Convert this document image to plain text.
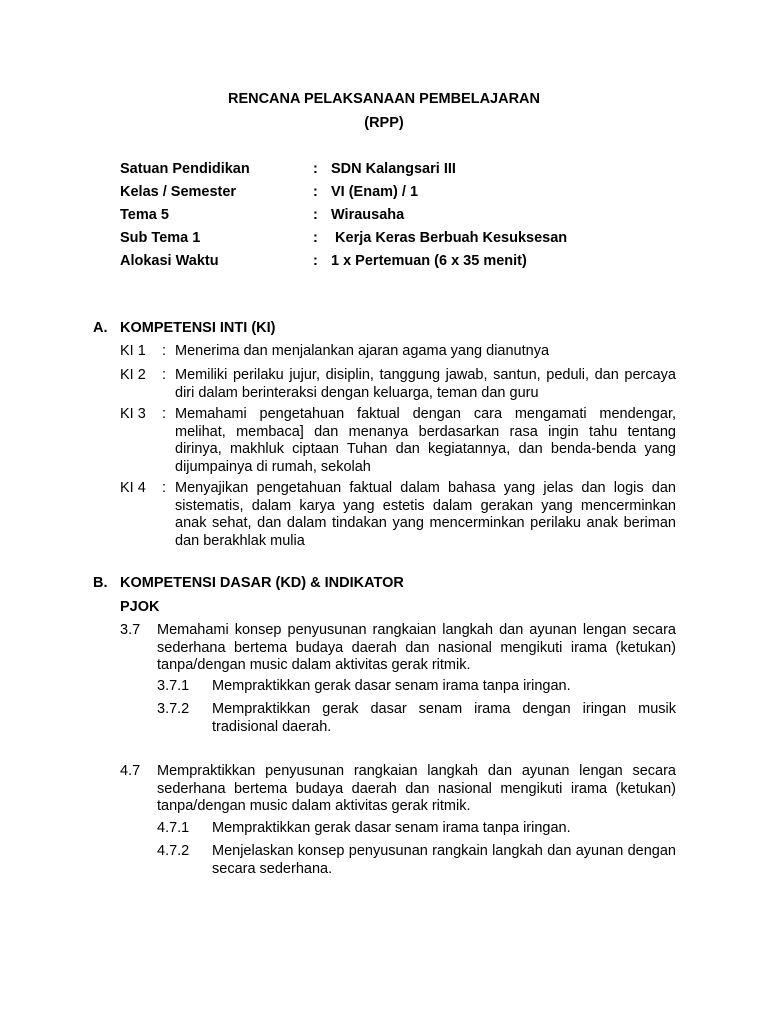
RENCANA PELAKSANAAN PEMBELAJARAN
(RPP)
Satuan Pendidikan	: SDN Kalangsari III
Kelas / Semester	: VI (Enam) / 1
Tema 5	: Wirausaha
Sub Tema 1	: Kerja Keras Berbuah Kesuksesan
Alokasi Waktu	: 1 x Pertemuan (6 x 35 menit)
A. KOMPETENSI INTI (KI)
KI 1 : Menerima dan menjalankan ajaran agama yang dianutnya
KI 2 : Memiliki perilaku jujur, disiplin, tanggung jawab, santun, peduli, dan percaya diri dalam berinteraksi dengan keluarga, teman dan guru
KI 3 : Memahami pengetahuan faktual dengan cara mengamati mendengar, melihat, membaca] dan menanya berdasarkan rasa ingin tahu tentang dirinya, makhluk ciptaan Tuhan dan kegiatannya, dan benda-benda yang dijumpainya di rumah, sekolah
KI 4 : Menyajikan pengetahuan faktual dalam bahasa yang jelas dan logis dan sistematis, dalam karya yang estetis dalam gerakan yang mencerminkan anak sehat, dan dalam tindakan yang mencerminkan perilaku anak beriman dan berakhlak mulia
B. KOMPETENSI DASAR (KD) & INDIKATOR
PJOK
3.7 Memahami konsep penyusunan rangkaian langkah dan ayunan lengan secara sederhana bertema budaya daerah dan nasional mengikuti irama (ketukan) tanpa/dengan music dalam aktivitas gerak ritmik.
3.7.1 Mempraktikkan gerak dasar senam irama tanpa iringan.
3.7.2 Mempraktikkan gerak dasar senam irama dengan iringan musik tradisional daerah.
4.7 Mempraktikkan penyusunan rangkaian langkah dan ayunan lengan secara sederhana bertema budaya daerah dan nasional mengikuti irama (ketukan) tanpa/dengan music dalam aktivitas gerak ritmik.
4.7.1 Mempraktikkan gerak dasar senam irama tanpa iringan.
4.7.2 Menjelaskan konsep penyusunan rangkain langkah dan ayunan dengan secara sederhana.
